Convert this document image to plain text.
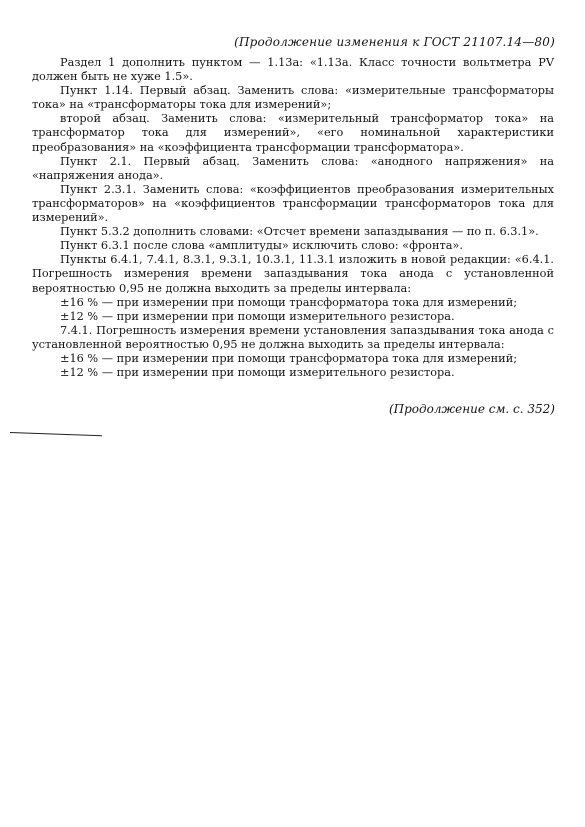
(Продолжение изменения к ГОСТ 21107.14—80)

Раздел 1 дополнить пунктом — 1.13а: «1.13а. Класс точности вольтметра PV должен быть не хуже 1.5».

Пункт 1.14. Первый абзац. Заменить слова: «измерительные трансформаторы тока» на «трансформаторы тока для измерений»;

второй абзац. Заменить слова: «измерительный трансформатор тока» на трансформатор тока для измерений», «его номинальной характеристики преобразования» на «коэффициента трансформации трансформатора».

Пункт 2.1. Первый абзац. Заменить слова: «анодного напряжения» на «напряжения анода».

Пункт 2.3.1. Заменить слова: «коэффициентов преобразования измерительных трансформаторов» на «коэффициентов трансформации трансформаторов тока для измерений».

Пункт 5.3.2 дополнить словами: «Отсчет времени запаздывания — по п. 6.3.1».

Пункт 6.3.1 после слова «амплитуды» исключить слово: «фронта».

Пункты 6.4.1, 7.4.1, 8.3.1, 9.3.1, 10.3.1, 11.3.1 изложить в новой редакции: «6.4.1. Погрешность измерения времени запаздывания тока анода с установленной вероятностью 0,95 не должна выходить за пределы интервала:

±16 % — при измерении при помощи трансформатора тока для измерений;

±12 % — при измерении при помощи измерительного резистора.

7.4.1. Погрешность измерения времени установления запаздывания тока анода с установленной вероятностью 0,95 не должна выходить за пределы интервала:

±16 % — при измерении при помощи трансформатора тока для измерений;

±12 % — при измерении при помощи измерительного резистора.

(Продолжение см. с. 352)
